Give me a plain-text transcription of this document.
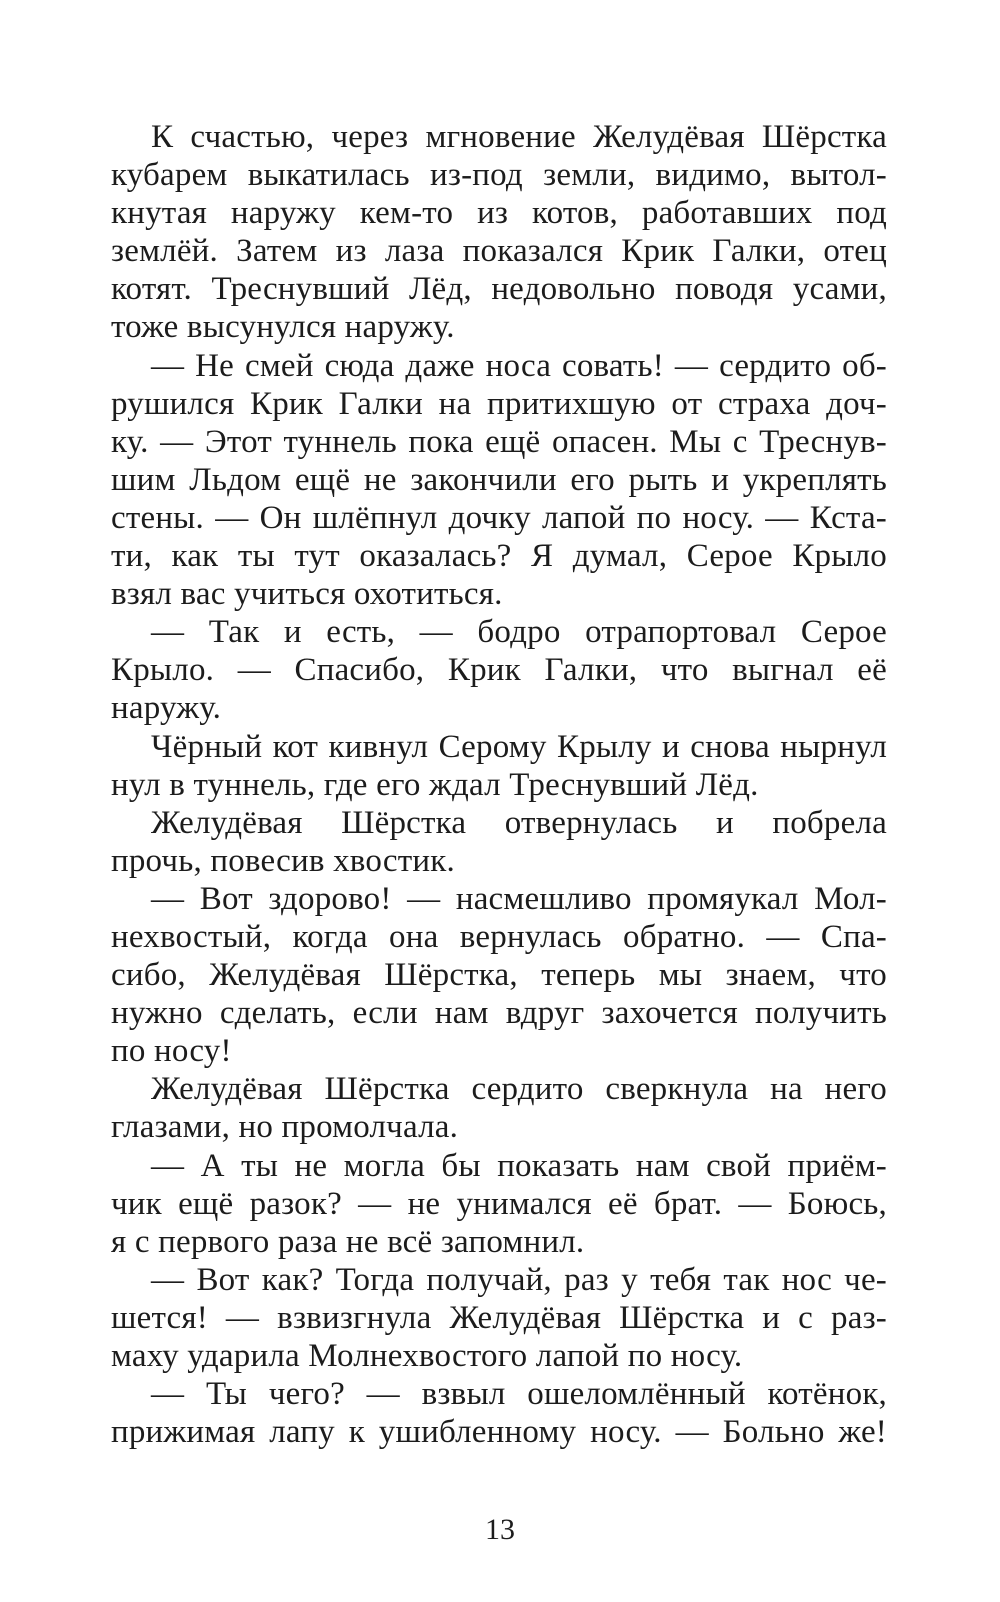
К счастью, через мгновение Желудёвая Шёрстка
кубарем выкатилась из-под земли, видимо, вытол-
кнутая наружу кем-то из котов, работавших под
землёй. Затем из лаза показался Крик Галки, отец
котят. Треснувший Лёд, недовольно поводя усами,
тоже высунулся наружу.
— Не смей сюда даже носа совать! — сердито об-
рушился Крик Галки на притихшую от страха доч-
ку. — Этот туннель пока ещё опасен. Мы с Треснув-
шим Льдом ещё не закончили его рыть и укреплять
стены. — Он шлёпнул дочку лапой по носу. — Кста-
ти, как ты тут оказалась? Я думал, Серое Крыло
взял вас учиться охотиться.
— Так и есть, — бодро отрапортовал Серое
Крыло. — Спасибо, Крик Галки, что выгнал её
наружу.
Чёрный кот кивнул Серому Крылу и снова нырнул
нул в туннель, где его ждал Треснувший Лёд.
Желудёвая Шёрстка отвернулась и побрела
прочь, повесив хвостик.
— Вот здорово! — насмешливо промяукал Мол-
нехвостый, когда она вернулась обратно. — Спа-
сибо, Желудёвая Шёрстка, теперь мы знаем, что
нужно сделать, если нам вдруг захочется получить
по носу!
Желудёвая Шёрстка сердито сверкнула на него
глазами, но промолчала.
— А ты не могла бы показать нам свой приём-
чик ещё разок? — не унимался её брат. — Боюсь,
я с первого раза не всё запомнил.
— Вот как? Тогда получай, раз у тебя так нос че-
шется! — взвизгнула Желудёвая Шёрстка и с раз-
маху ударила Молнехвостого лапой по носу.
— Ты чего? — взвыл ошеломлённый котёнок,
прижимая лапу к ушибленному носу. — Больно же!
13
